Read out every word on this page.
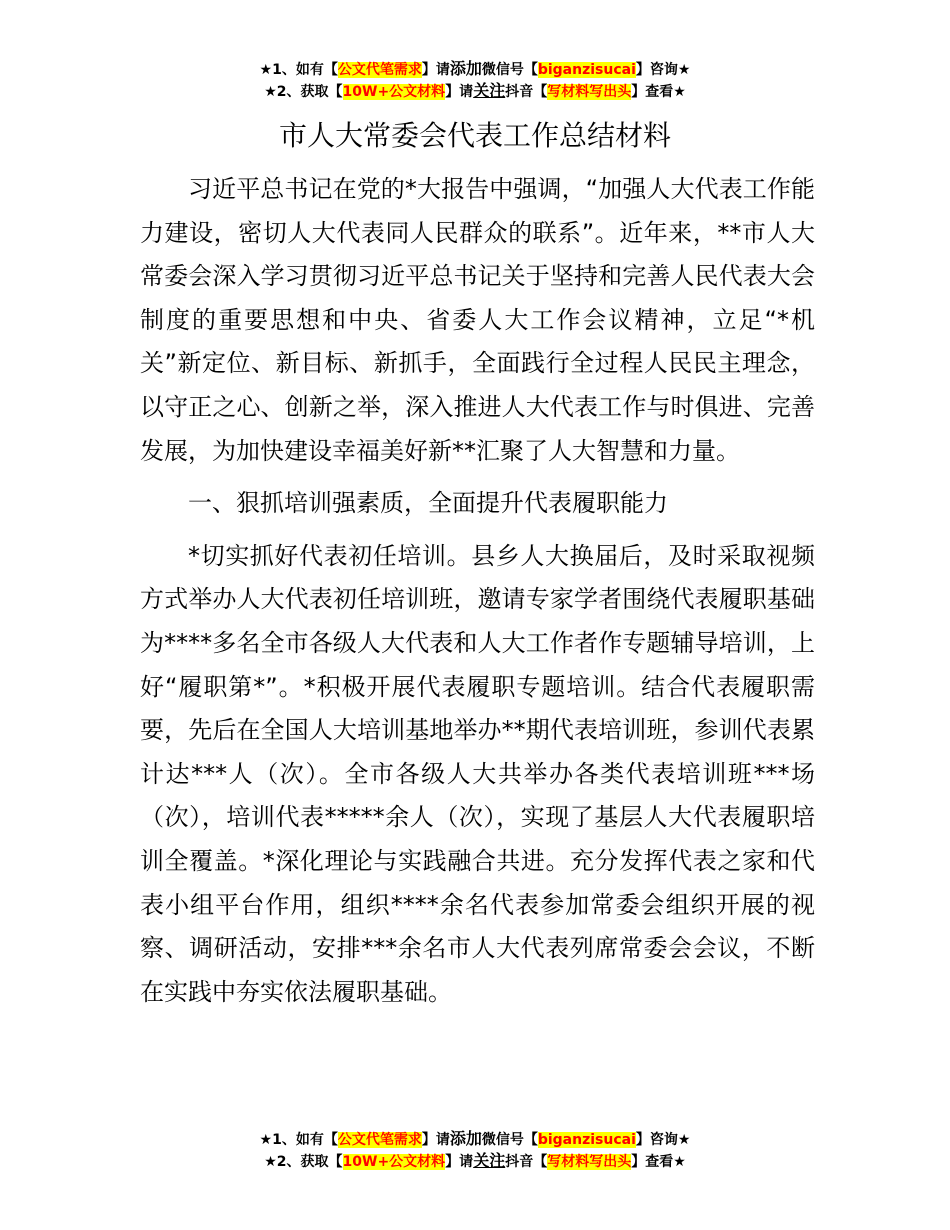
★1、如有【公文代笔需求】请添加微信号【biganzisucai】咨询★
★2、获取【10W+公文材料】请关注抖音【写材料写出头】查看★
市人大常委会代表工作总结材料

习近平总书记在党的*大报告中强调，“加强人大代表工作能力建设，密切人大代表同人民群众的联系”。近年来，**市人大常委会深入学习贯彻习近平总书记关于坚持和完善人民代表大会制度的重要思想和中央、省委人大工作会议精神，立足“*机关”新定位、新目标、新抓手，全面践行全过程人民民主理念，以守正之心、创新之举，深入推进人大代表工作与时俱进、完善发展，为加快建设幸福美好新**汇聚了人大智慧和力量。

一、狠抓培训强素质，全面提升代表履职能力

*切实抓好代表初任培训。县乡人大换届后，及时采取视频方式举办人大代表初任培训班，邀请专家学者围绕代表履职基础为****多名全市各级人大代表和人大工作者作专题辅导培训，上好“履职第*”。*积极开展代表履职专题培训。结合代表履职需要，先后在全国人大培训基地举办**期代表培训班，参训代表累计达***人（次）。全市各级人大共举办各类代表培训班***场（次），培训代表*****余人（次），实现了基层人大代表履职培训全覆盖。*深化理论与实践融合共进。充分发挥代表之家和代表小组平台作用，组织****余名代表参加常委会组织开展的视察、调研活动，安排***余名市人大代表列席常委会会议，不断在实践中夯实依法履职基础。

★1、如有【公文代笔需求】请添加微信号【biganzisucai】咨询★
★2、获取【10W+公文材料】请关注抖音【写材料写出头】查看★
